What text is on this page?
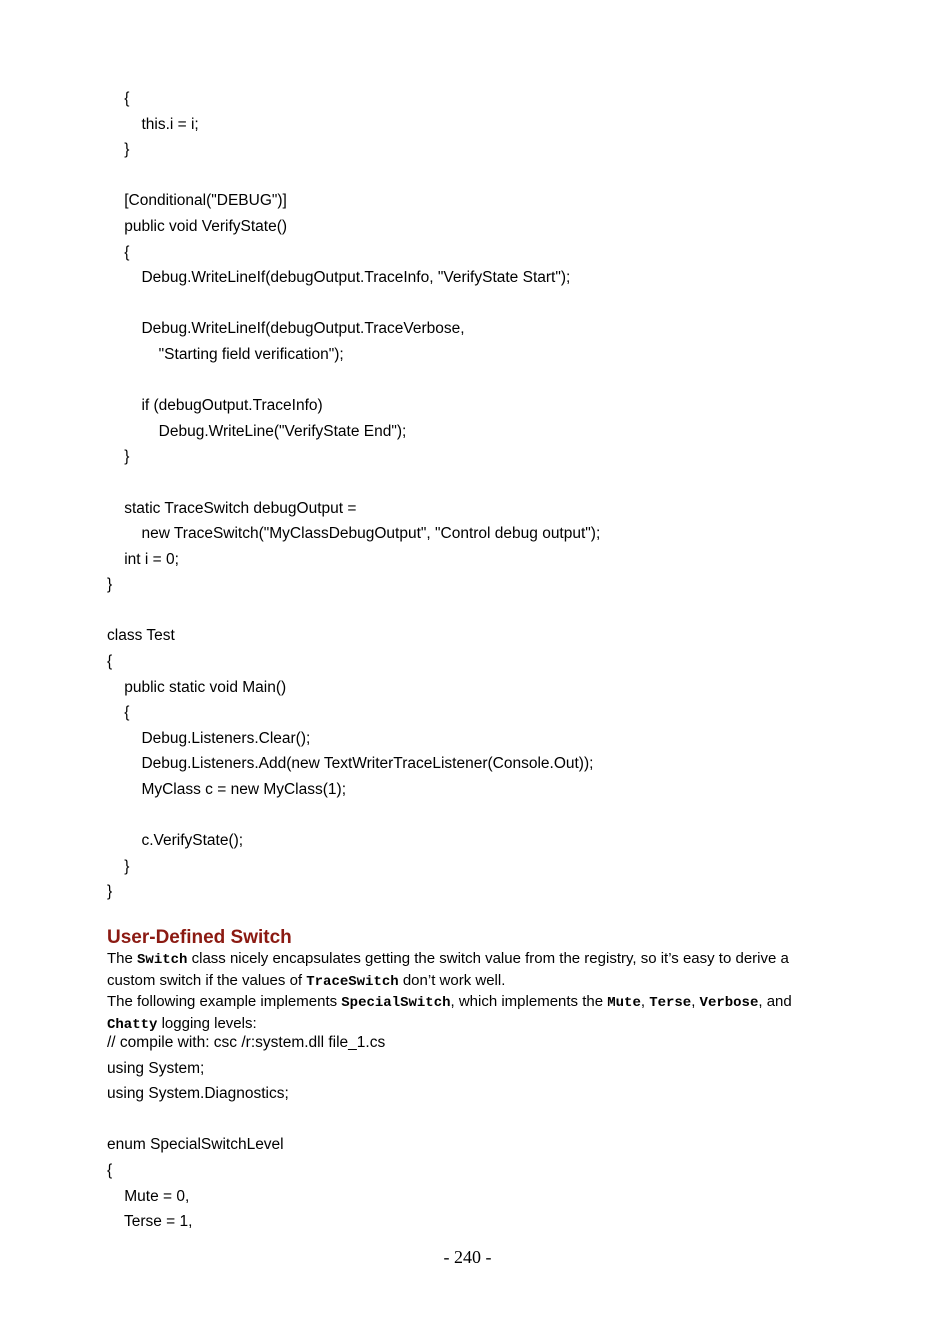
{
this.i = i;
}
[Conditional("DEBUG")]
public void VerifyState()
{
Debug.WriteLineIf(debugOutput.TraceInfo, "VerifyState Start");
Debug.WriteLineIf(debugOutput.TraceVerbose,
"Starting field verification");
if (debugOutput.TraceInfo)
Debug.WriteLine("VerifyState End");
}
static TraceSwitch debugOutput =
new TraceSwitch("MyClassDebugOutput", "Control debug output");
int i = 0;
}
class Test
{
public static void Main()
{
Debug.Listeners.Clear();
Debug.Listeners.Add(new TextWriterTraceListener(Console.Out));
MyClass c = new MyClass(1);
c.VerifyState();
}
}
User-Defined Switch

The Switch class nicely encapsulates getting the switch value from the registry, so it’s easy to derive a custom switch if the values of TraceSwitch don’t work well.

The following example implements SpecialSwitch, which implements the Mute, Terse, Verbose, and Chatty logging levels:

// compile with: csc /r:system.dll file_1.cs
using System;
using System.Diagnostics;
enum SpecialSwitchLevel
{
Mute = 0,
Terse = 1,
- 240 -
